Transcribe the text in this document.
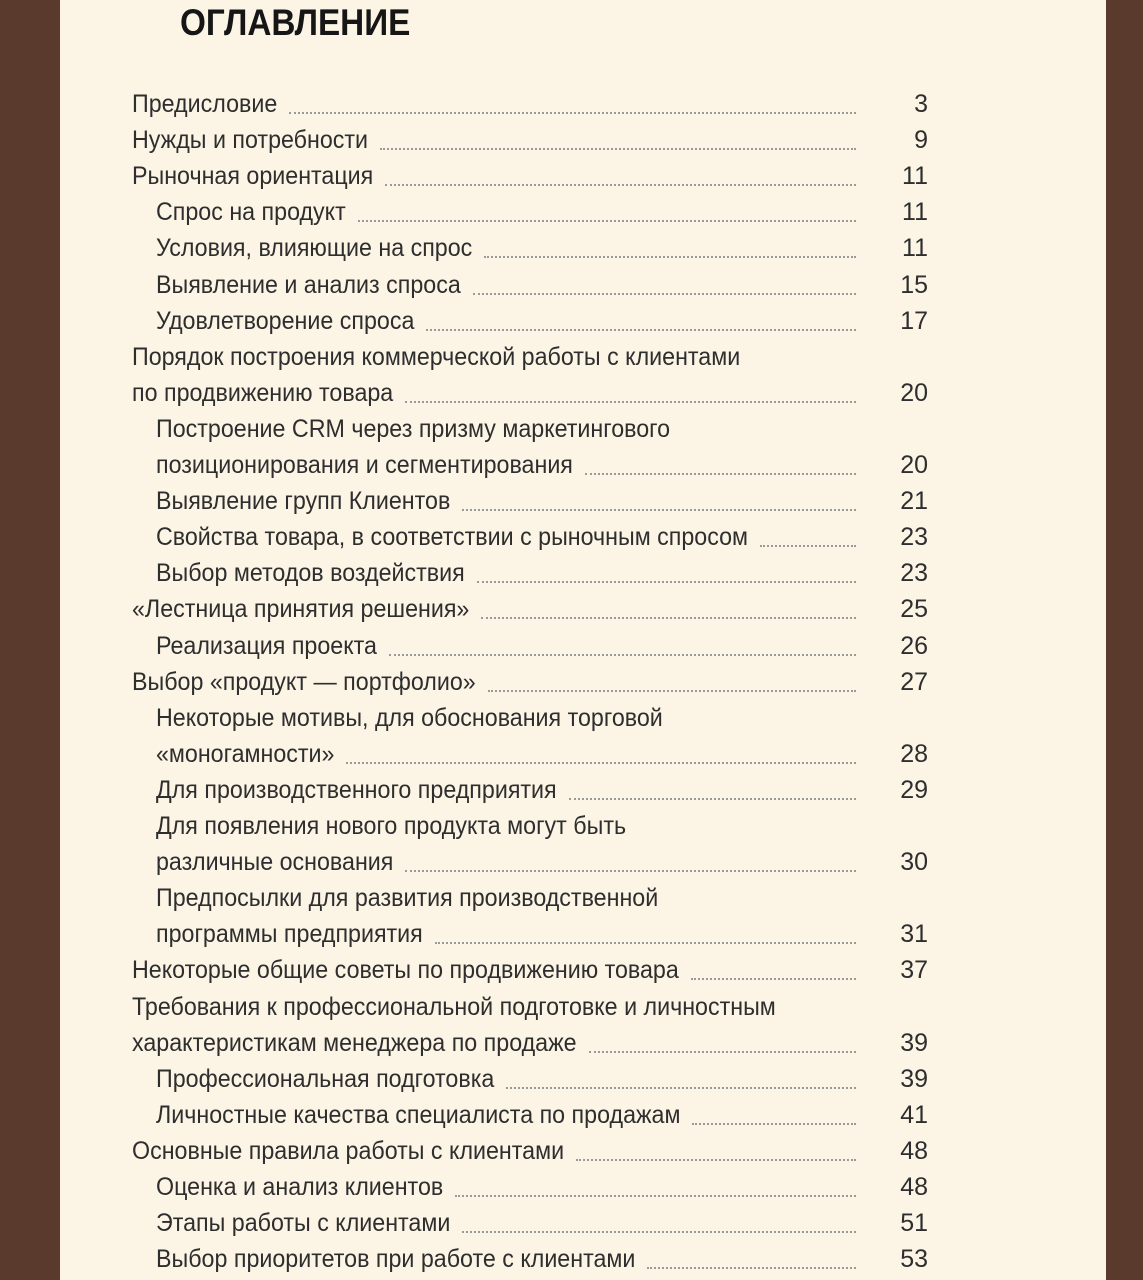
ОГЛАВЛЕНИЕ
Предисловие	3
Нужды и потребности	9
Рыночная ориентация	11
Спрос на продукт	11
Условия, влияющие на спрос	11
Выявление и анализ спроса	15
Удовлетворение спроса	17
Порядок построения коммерческой работы с клиентами
по продвижению товара	20
Построение CRM через призму маркетингового
позиционирования и сегментирования	20
Выявление групп Клиентов	21
Свойства товара, в соответствии с рыночным спросом	23
Выбор методов воздействия	23
«Лестница принятия решения»	25
Реализация проекта	26
Выбор «продукт — портфолио»	27
Некоторые мотивы, для обоснования торговой
«моногамности»	28
Для производственного предприятия	29
Для появления нового продукта могут быть
различные основания	30
Предпосылки для развития производственной
программы предприятия	31
Некоторые общие советы по продвижению товара	37
Требования к профессиональной подготовке и личностным
характеристикам менеджера по продаже	39
Профессиональная подготовка	39
Личностные качества специалиста по продажам	41
Основные правила работы с клиентами	48
Оценка и анализ клиентов	48
Этапы работы с клиентами	51
Выбор приоритетов при работе с клиентами	53
